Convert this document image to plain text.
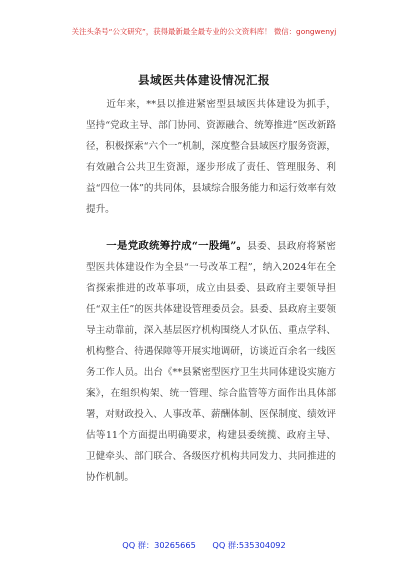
关注头条号“公文研究”，获得最新最全最专业的公文资料库！ 微信：gongwenyj
县域医共体建设情况汇报
近年来，**县以推进紧密型县域医共体建设为抓手，坚持“党政主导、部门协同、资源融合、统筹推进”医改新路径，积极探索“六个一”机制，深度整合县域医疗服务资源，有效融合公共卫生资源，逐步形成了责任、管理服务、利益“四位一体”的共同体，县域综合服务能力和运行效率有效提升。
一是党政统筹拧成“一股绳”。县委、县政府将紧密型医共体建设作为全县“一号改革工程”，纳入2024年在全省探索推进的改革事项，成立由县委、县政府主要领导担任“双主任”的医共体建设管理委员会。县委、县政府主要领导主动靠前，深入基层医疗机构围绕人才队伍、重点学科、机构整合、待遇保障等开展实地调研，访谈近百余名一线医务工作人员。出台《**县紧密型医疗卫生共同体建设实施方案》，在组织构架、统一管理、综合监管等方面作出具体部署，对财政投入、人事改革、薪酬体制、医保制度、绩效评估等11个方面提出明确要求，构建县委统揽、政府主导、卫健牵头、部门联合、各级医疗机构共同发力、共同推进的协作机制。
QQ 群：30265665 QQ 群:535304092
